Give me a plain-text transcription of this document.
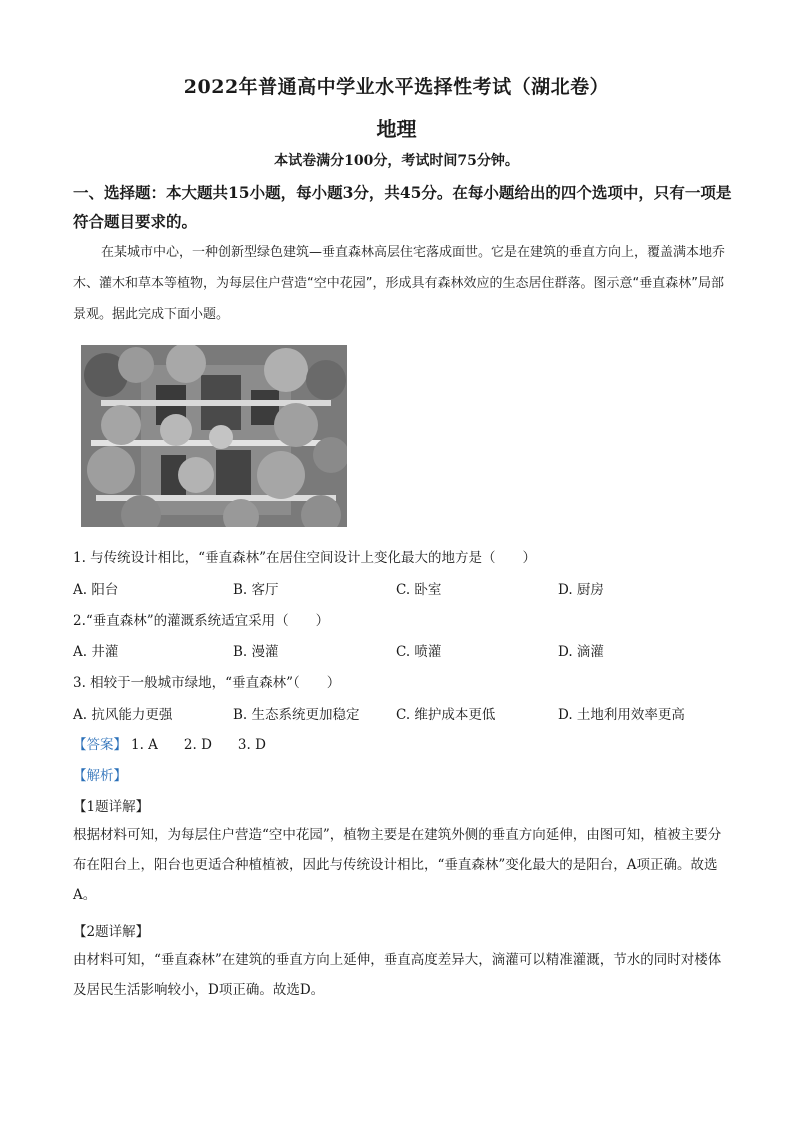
2022年普通高中学业水平选择性考试（湖北卷）
地理
本试卷满分100分，考试时间75分钟。
一、选择题：本大题共15小题，每小题3分，共45分。在每小题给出的四个选项中，只有一项是符合题目要求的。
在某城市中心，一种创新型绿色建筑—垂直森林高层住宅落成面世。它是在建筑的垂直方向上，覆盖满本地乔木、灌木和草本等植物，为每层住户营造“空中花园”，形成具有森林效应的生态居住群落。图示意“垂直森林”局部景观。据此完成下面小题。
1. 与传统设计相比，“垂直森林”在居住空间设计上变化最大的地方是（　　）
A. 阳台	B. 客厅	C. 卧室	D. 厨房
2.“垂直森林”的灌溉系统适宜采用（　　）
A. 井灌	B. 漫灌	C. 喷灌	D. 滴灌
3. 相较于一般城市绿地，“垂直森林”（　　）
A. 抗风能力更强	B. 生态系统更加稳定	C. 维护成本更低	D. 土地利用效率更高
【答案】 1. A 2. D 3. D
【解析】
【1题详解】
根据材料可知，为每层住户营造“空中花园”，植物主要是在建筑外侧的垂直方向延伸，由图可知，植被主要分布在阳台上，阳台也更适合种植植被，因此与传统设计相比，“垂直森林”变化最大的是阳台，A项正确。故选A。
【2题详解】
由材料可知，“垂直森林”在建筑的垂直方向上延伸，垂直高度差异大，滴灌可以精准灌溉，节水的同时对楼体及居民生活影响较小，D项正确。故选D。
